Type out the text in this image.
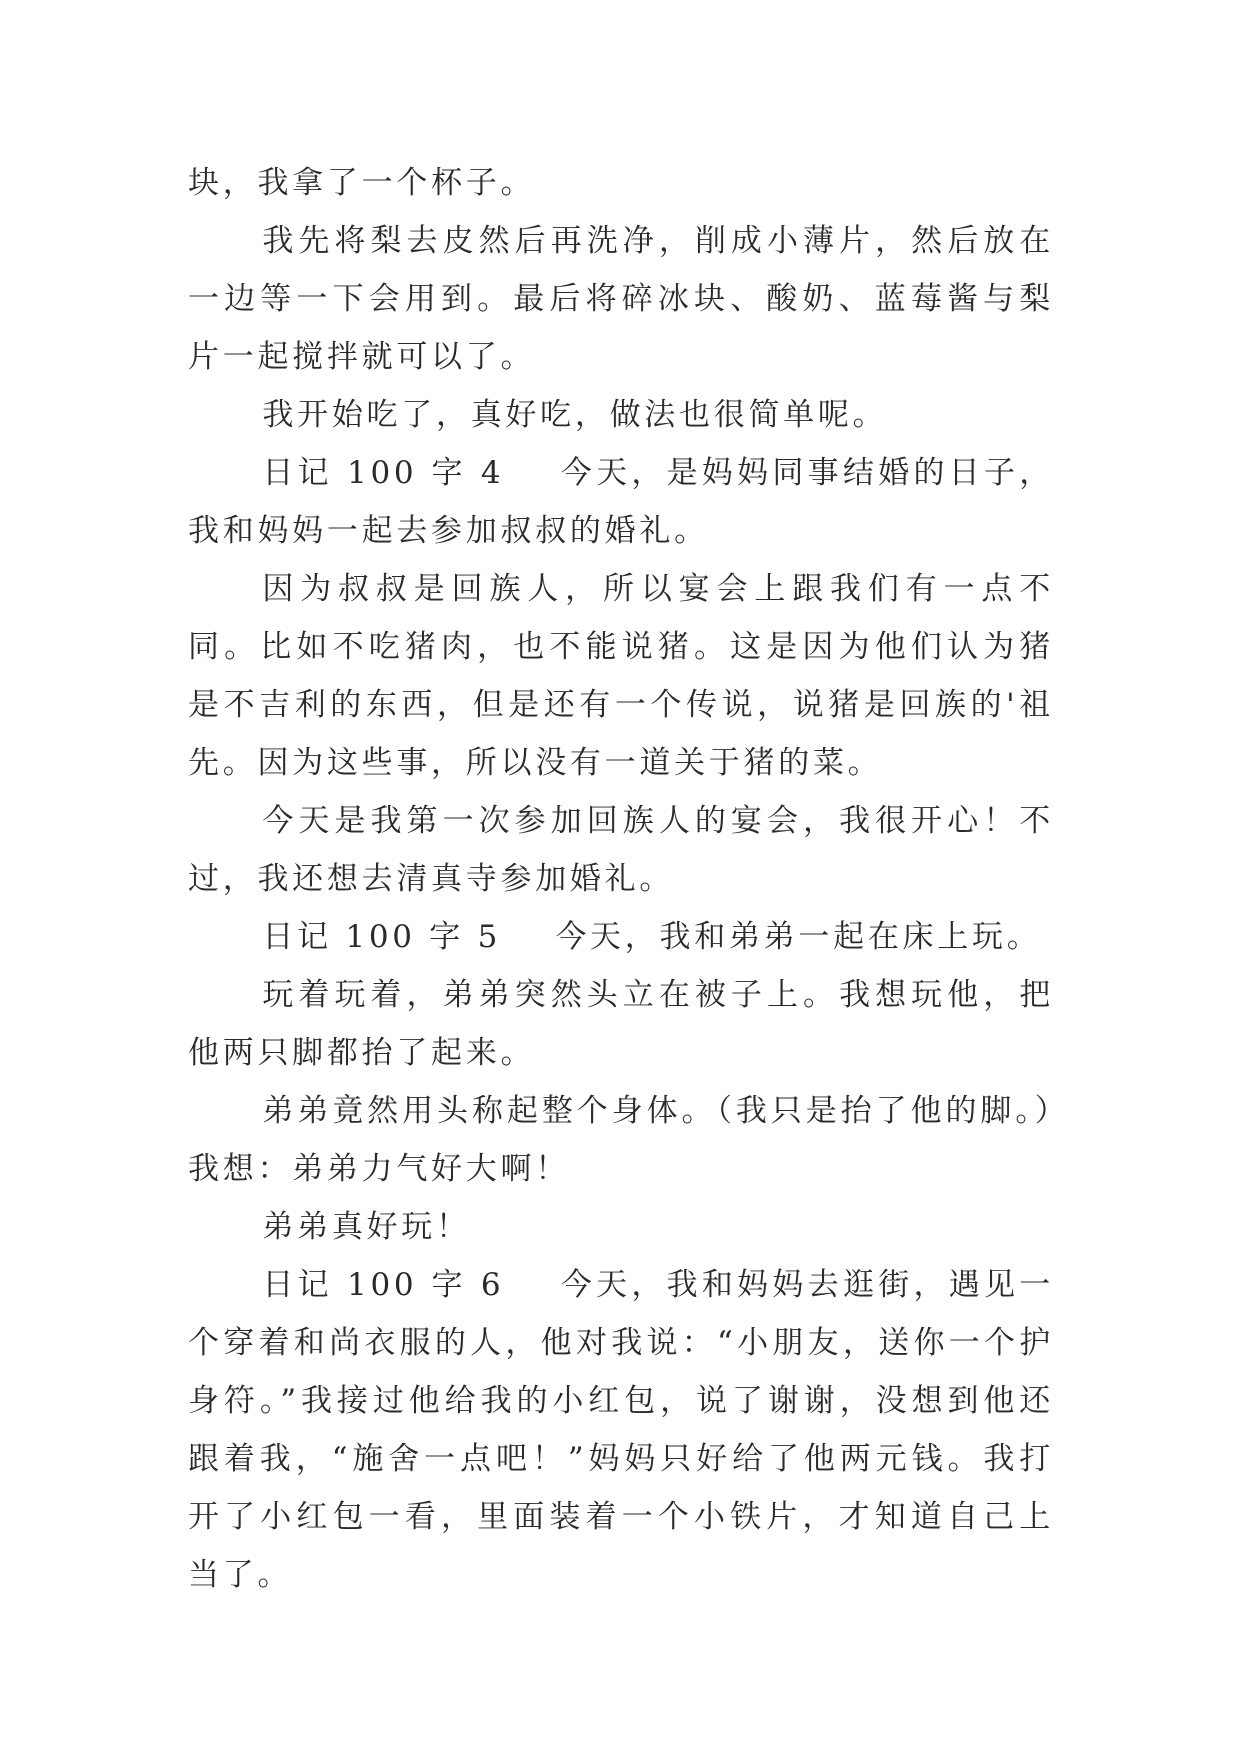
块，我拿了一个杯子。

我先将梨去皮然后再洗净，削成小薄片，然后放在一边等一下会用到。最后将碎冰块、酸奶、蓝莓酱与梨片一起搅拌就可以了。

我开始吃了，真好吃，做法也很简单呢。

日记 100 字 4    今天，是妈妈同事结婚的日子，我和妈妈一起去参加叔叔的婚礼。

因为叔叔是回族人，所以宴会上跟我们有一点不同。比如不吃猪肉，也不能说猪。这是因为他们认为猪是不吉利的东西，但是还有一个传说，说猪是回族的'祖先。因为这些事，所以没有一道关于猪的菜。

今天是我第一次参加回族人的宴会，我很开心！不过，我还想去清真寺参加婚礼。

日记 100 字 5    今天，我和弟弟一起在床上玩。

玩着玩着，弟弟突然头立在被子上。我想玩他，把他两只脚都抬了起来。

弟弟竟然用头称起整个身体。（我只是抬了他的脚。）我想：弟弟力气好大啊！

弟弟真好玩！

日记 100 字 6    今天，我和妈妈去逛街，遇见一个穿着和尚衣服的人，他对我说：“小朋友，送你一个护身符。”我接过他给我的小红包，说了谢谢，没想到他还跟着我，“施舍一点吧！”妈妈只好给了他两元钱。我打开了小红包一看，里面装着一个小铁片，才知道自己上当了。
